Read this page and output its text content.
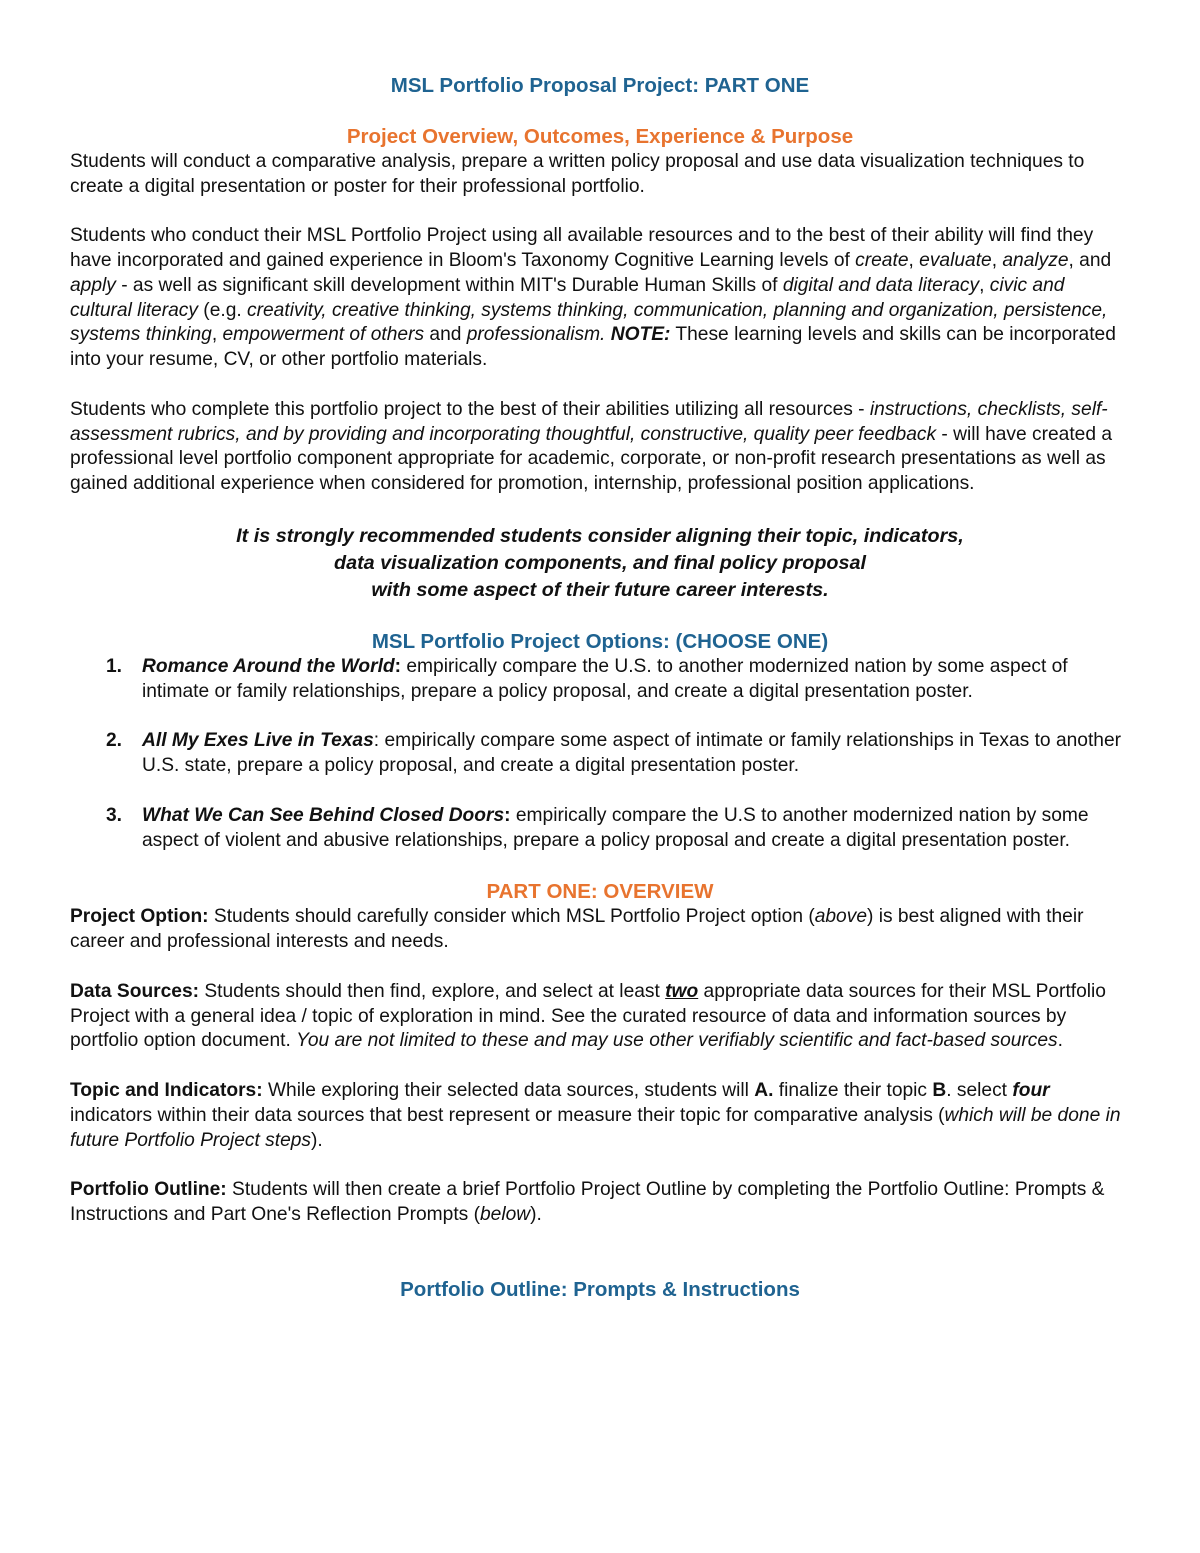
MSL Portfolio Proposal Project: PART ONE

Project Overview, Outcomes, Experience & Purpose

Students will conduct a comparative analysis, prepare a written policy proposal and use data visualization techniques to create a digital presentation or poster for their professional portfolio.

Students who conduct their MSL Portfolio Project using all available resources and to the best of their ability will find they have incorporated and gained experience in Bloom's Taxonomy Cognitive Learning levels of create, evaluate, analyze, and apply - as well as significant skill development within MIT's Durable Human Skills of digital and data literacy, civic and cultural literacy (e.g. creativity, creative thinking, systems thinking, communication, planning and organization, persistence, systems thinking, empowerment of others and professionalism. NOTE: These learning levels and skills can be incorporated into your resume, CV, or other portfolio materials.

Students who complete this portfolio project to the best of their abilities utilizing all resources - instructions, checklists, self-assessment rubrics, and by providing and incorporating thoughtful, constructive, quality peer feedback - will have created a professional level portfolio component appropriate for academic, corporate, or non-profit research presentations as well as gained additional experience when considered for promotion, internship, professional position applications.

It is strongly recommended students consider aligning their topic, indicators,

data visualization components, and final policy proposal

with some aspect of their future career interests.

MSL Portfolio Project Options: (CHOOSE ONE)

1. Romance Around the World: empirically compare the U.S. to another modernized nation by some aspect of intimate or family relationships, prepare a policy proposal, and create a digital presentation poster.
2. All My Exes Live in Texas: empirically compare some aspect of intimate or family relationships in Texas to another U.S. state, prepare a policy proposal, and create a digital presentation poster.
3. What We Can See Behind Closed Doors: empirically compare the U.S to another modernized nation by some aspect of violent and abusive relationships, prepare a policy proposal and create a digital presentation poster.

PART ONE: OVERVIEW

Project Option: Students should carefully consider which MSL Portfolio Project option (above) is best aligned with their career and professional interests and needs.

Data Sources: Students should then find, explore, and select at least two appropriate data sources for their MSL Portfolio Project with a general idea / topic of exploration in mind. See the curated resource of data and information sources by portfolio option document. You are not limited to these and may use other verifiably scientific and fact-based sources.

Topic and Indicators: While exploring their selected data sources, students will A. finalize their topic B. select four indicators within their data sources that best represent or measure their topic for comparative analysis (which will be done in future Portfolio Project steps).

Portfolio Outline: Students will then create a brief Portfolio Project Outline by completing the Portfolio Outline: Prompts & Instructions and Part One's Reflection Prompts (below).

Portfolio Outline: Prompts & Instructions
